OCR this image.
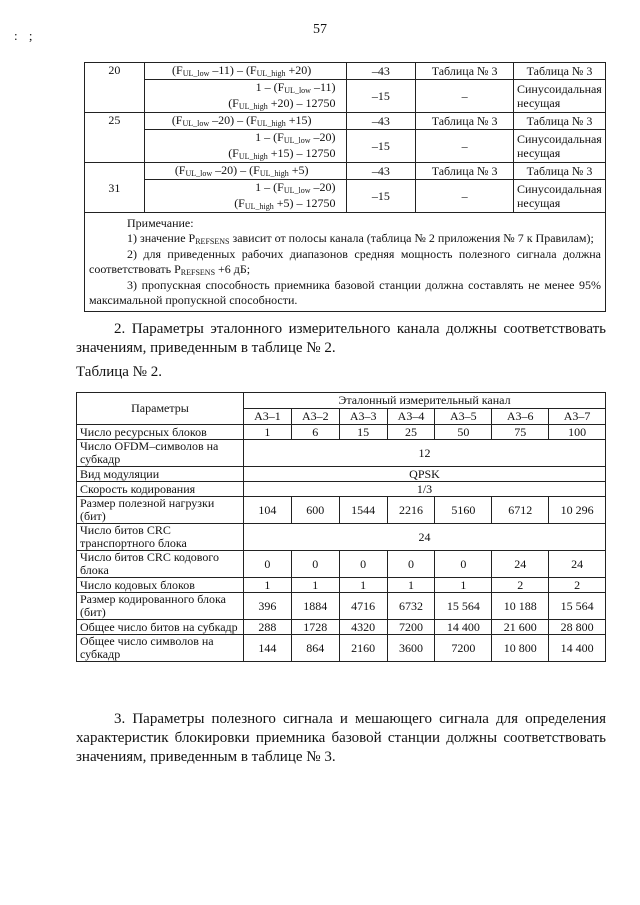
57
: ;
20	(FUL_low –11) – (FUL_high +20)	–43	Таблица № 3	Таблица № 3
	1 – (FUL_low –11)	–15	–	Синусоидальная несущая
	(FUL_high +20) – 12750			
25	(FUL_low –20) – (FUL_high +15)	–43	Таблица № 3	Таблица № 3
	1 – (FUL_low –20)	–15	–	Синусоидальная несущая
	(FUL_high +15) – 12750			
31	(FUL_low –20) – (FUL_high +5)	–43	Таблица № 3	Таблица № 3
	1 – (FUL_low –20)	–15	–	Синусоидальная несущая
	(FUL_high +5) – 12750			

Примечание:

1) значение PREFSENS зависит от полосы канала (таблица № 2 приложения № 7 к Правилам);

2) для приведенных рабочих диапазонов средняя мощность полезного сигнала должна соответствовать PREFSENS +6 дБ;

3) пропускная способность приемника базовой станции должна составлять не менее 95% максимальной пропускной способности.				

2. Параметры эталонного измерительного канала должны соответствовать значениям, приведенным в таблице № 2.
Таблица № 2.
Параметры	Эталонный измерительный канал						
	А3–1	А3–2	А3–3	А3–4	А3–5	А3–6	А3–7
Число ресурсных блоков	1	6	15	25	50	75	100
Число OFDM–символов на субкадр	12						
Вид модуляции	QPSK						
Скорость кодирования	1/3						
Размер полезной нагрузки (бит)	104	600	1544	2216	5160	6712	10 296
Число битов CRC транспортного блока	24						
Число битов CRC кодового блока	0	0	0	0	0	24	24
Число кодовых блоков	1	1	1	1	1	2	2
Размер кодированного блока (бит)	396	1884	4716	6732	15 564	10 188	15 564
Общее число битов на субкадр	288	1728	4320	7200	14 400	21 600	28 800
Общее число символов на субкадр	144	864	2160	3600	7200	10 800	14 400
3. Параметры полезного сигнала и мешающего сигнала для определения характеристик блокировки приемника базовой станции должны соответствовать значениям, приведенным в таблице № 3.
